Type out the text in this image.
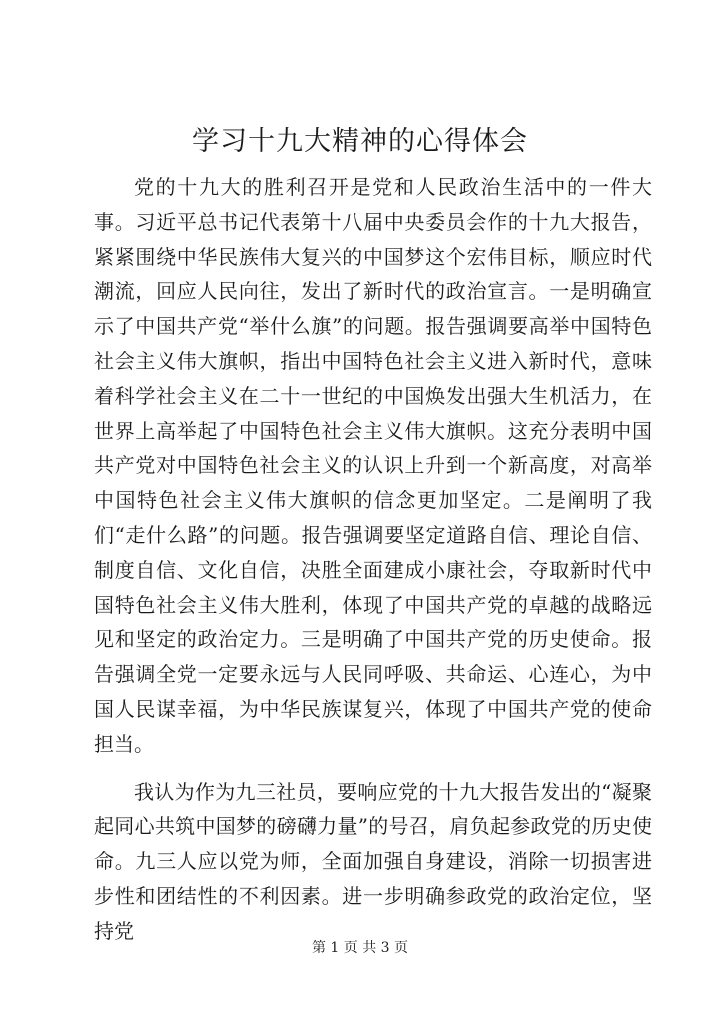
学习十九大精神的心得体会

党的十九大的胜利召开是党和人民政治生活中的一件大事。习近平总书记代表第十八届中央委员会作的十九大报告，紧紧围绕中华民族伟大复兴的中国梦这个宏伟目标，顺应时代潮流，回应人民向往，发出了新时代的政治宣言。一是明确宣示了中国共产党“举什么旗”的问题。报告强调要高举中国特色社会主义伟大旗帜，指出中国特色社会主义进入新时代，意味着科学社会主义在二十一世纪的中国焕发出强大生机活力，在世界上高举起了中国特色社会主义伟大旗帜。这充分表明中国共产党对中国特色社会主义的认识上升到一个新高度，对高举中国特色社会主义伟大旗帜的信念更加坚定。二是阐明了我们“走什么路”的问题。报告强调要坚定道路自信、理论自信、制度自信、文化自信，决胜全面建成小康社会，夺取新时代中国特色社会主义伟大胜利，体现了中国共产党的卓越的战略远见和坚定的政治定力。三是明确了中国共产党的历史使命。报告强调全党一定要永远与人民同呼吸、共命运、心连心，为中国人民谋幸福，为中华民族谋复兴，体现了中国共产党的使命担当。

我认为作为九三社员，要响应党的十九大报告发出的“凝聚起同心共筑中国梦的磅礴力量”的号召，肩负起参政党的历史使命。九三人应以党为师，全面加强自身建设，消除一切损害进步性和团结性的不利因素。进一步明确参政党的政治定位，坚持党

第 1 页 共 3 页
